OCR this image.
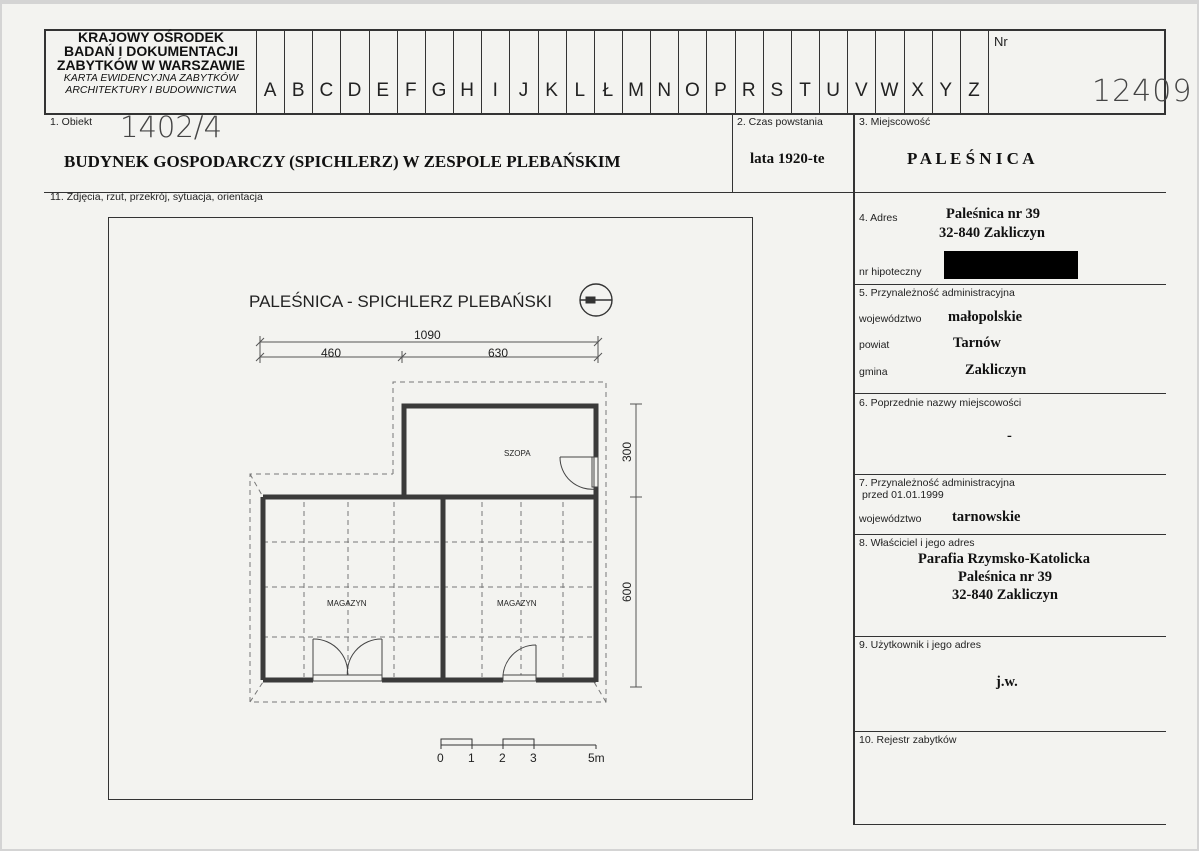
KRAJOWY OŚRODEK
BADAŃ I DOKUMENTACJI
ZABYTKÓW W WARSZAWIE
KARTA EWIDENCYJNA ZABYTKÓW
ARCHITEKTURY I BUDOWNICTWA
Nr
12409
1. Obiekt 1402/4
BUDYNEK GOSPODARCZY (SPICHLERZ) W ZESPOLE PLEBAŃSKIM
2. Czas powstania
lata 1920-te
3. Miejscowość
P A L E Ś N I C A
11. Zdjęcia, rzut, przekrój, sytuacja, orientacja
4. Adres	Paleśnica nr 39
32-840 Zakliczyn
nr hipoteczny
5. Przynależność administracyjna
województwo małopolskie
powiat	Tarnów
gmina	Zakliczyn
6. Poprzednie nazwy miejscowości
-
7. Przynależność administracyjna
przed 01.01.1999
województwo tarnowskie
8. Właściciel i jego adres
Parafia Rzymsko-Katolicka
Paleśnica nr 39
32-840 Zakliczyn
9. Użytkownik i jego adres
j.w.
10. Rejestr zabytków
PALEŚNICA - SPICHLERZ PLEBAŃSKI
1090
460	630
300
600
SZOPA
MAGAZYN	MAGAZYN
0 1 2 3	5m
A B C D E F G H I	J K L Ł M N O P R S T U V W X Y Z
